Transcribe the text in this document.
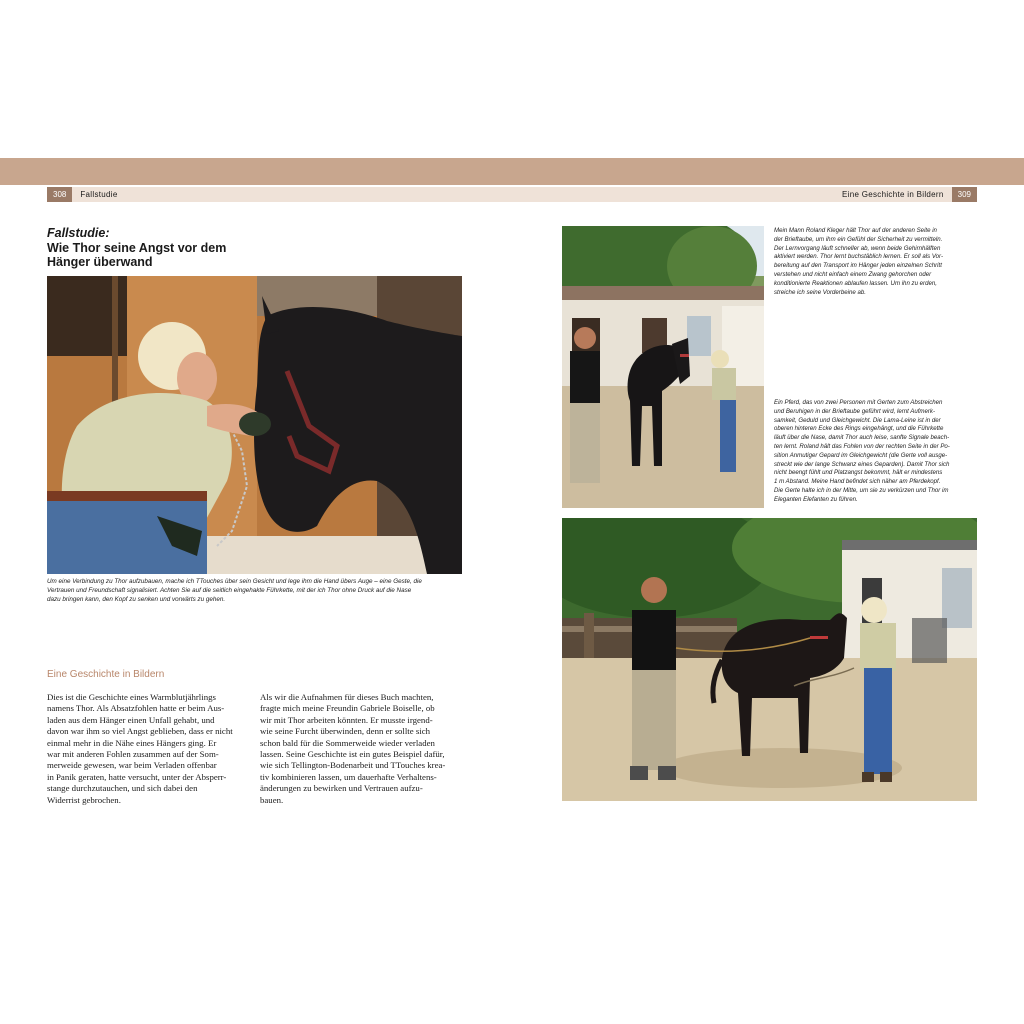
308	Fallstudie	Eine Geschichte in Bildern	309
Fallstudie:
Wie Thor seine Angst vor dem
Hänger überwand
Um eine Verbindung zu Thor aufzubauen, mache ich TTouches über sein Gesicht und lege ihm die Hand übers Auge – eine Geste, die
Vertrauen und Freundschaft signalisiert. Achten Sie auf die seitlich eingehakte Führkette, mit der ich Thor ohne Druck auf die Nase
dazu bringen kann, den Kopf zu senken und vorwärts zu gehen.
Mein Mann Roland Kleger hält Thor auf der anderen Seite in
der Brieftaube, um ihm ein Gefühl der Sicherheit zu vermitteln.
Der Lernvorgang läuft schneller ab, wenn beide Gehirnhälften
aktiviert werden. Thor lernt buchstäblich lernen. Er soll als Vor-
bereitung auf den Transport im Hänger jeden einzelnen Schritt
verstehen und nicht einfach einem Zwang gehorchen oder
konditionierte Reaktionen ablaufen lassen. Um ihn zu erden,
streiche ich seine Vorderbeine ab.
Ein Pferd, das von zwei Personen mit Gerten zum Abstreichen
und Beruhigen in der Brieftaube geführt wird, lernt Aufmerk-
samkeit, Geduld und Gleichgewicht. Die Lama-Leine ist in der
oberen hinteren Ecke des Rings eingehängt, und die Führkette
läuft über die Nase, damit Thor auch leise, sanfte Signale beach-
ten lernt. Roland hält das Fohlen von der rechten Seite in der Po-
sition Anmutiger Gepard im Gleichgewicht (die Gerte voll ausge-
streckt wie der lange Schwanz eines Geparden). Damit Thor sich
nicht beengt fühlt und Platzangst bekommt, hält er mindestens
1 m Abstand. Meine Hand befindet sich näher am Pferdekopf.
Die Gerte halte ich in der Mitte, um sie zu verkürzen und Thor im
Eleganten Elefanten zu führen.
Eine Geschichte in Bildern
Dies ist die Geschichte eines Warmblutjährlings
namens Thor. Als Absatzfohlen hatte er beim Aus-
laden aus dem Hänger einen Unfall gehabt, und
davon war ihm so viel Angst geblieben, dass er nicht
einmal mehr in die Nähe eines Hängers ging. Er
war mit anderen Fohlen zusammen auf der Som-
merweide gewesen, war beim Verladen offenbar
in Panik geraten, hatte versucht, unter der Absperr-
stange durchzutauchen, und sich dabei den
Widerrist gebrochen.
Als wir die Aufnahmen für dieses Buch machten,
fragte mich meine Freundin Gabriele Boiselle, ob
wir mit Thor arbeiten könnten. Er musste irgend-
wie seine Furcht überwinden, denn er sollte sich
schon bald für die Sommerweide wieder verladen
lassen. Seine Geschichte ist ein gutes Beispiel dafür,
wie sich Tellington-Bodenarbeit und TTouches krea-
tiv kombinieren lassen, um dauerhafte Verhaltens-
änderungen zu bewirken und Vertrauen aufzu-
bauen.
